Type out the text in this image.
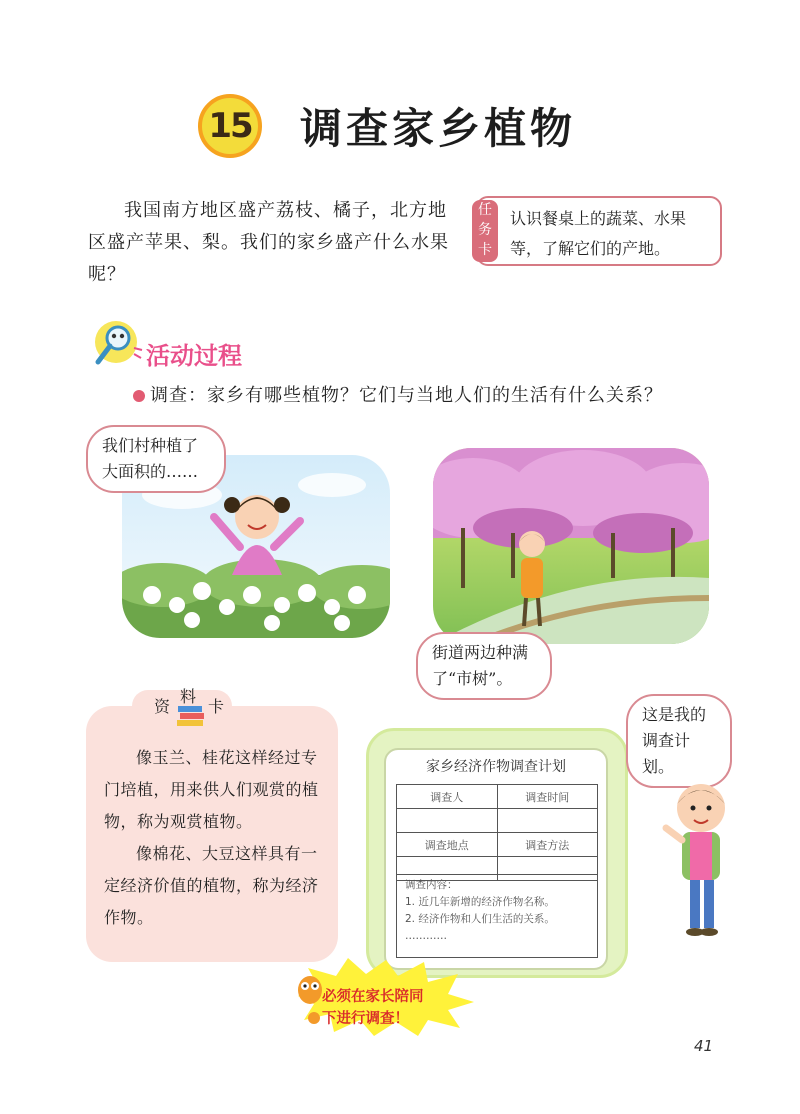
15 调查家乡植物

我国南方地区盛产荔枝、橘子，北方地区盛产苹果、梨。我们的家乡盛产什么水果呢？

任务卡
认识餐桌上的蔬菜、水果等，了解它们的产地。
活动过程
调查：家乡有哪些植物？它们与当地人们的生活有什么关系？
我们村种植了大面积的……
街道两边种满了“市树”。
资
料
卡

像玉兰、桂花这样经过专门培植，用来供人们观赏的植物，称为观赏植物。

像棉花、大豆这样具有一定经济价值的植物，称为经济作物。

家乡经济作物调查计划
调查人	调查时间

调查地点	调查方法

调查内容：
1. 近几年新增的经济作物名称。
2. 经济作物和人们生活的关系。
…………
这是我的调查计划。
必须在家长陪同
下进行调查！
41
